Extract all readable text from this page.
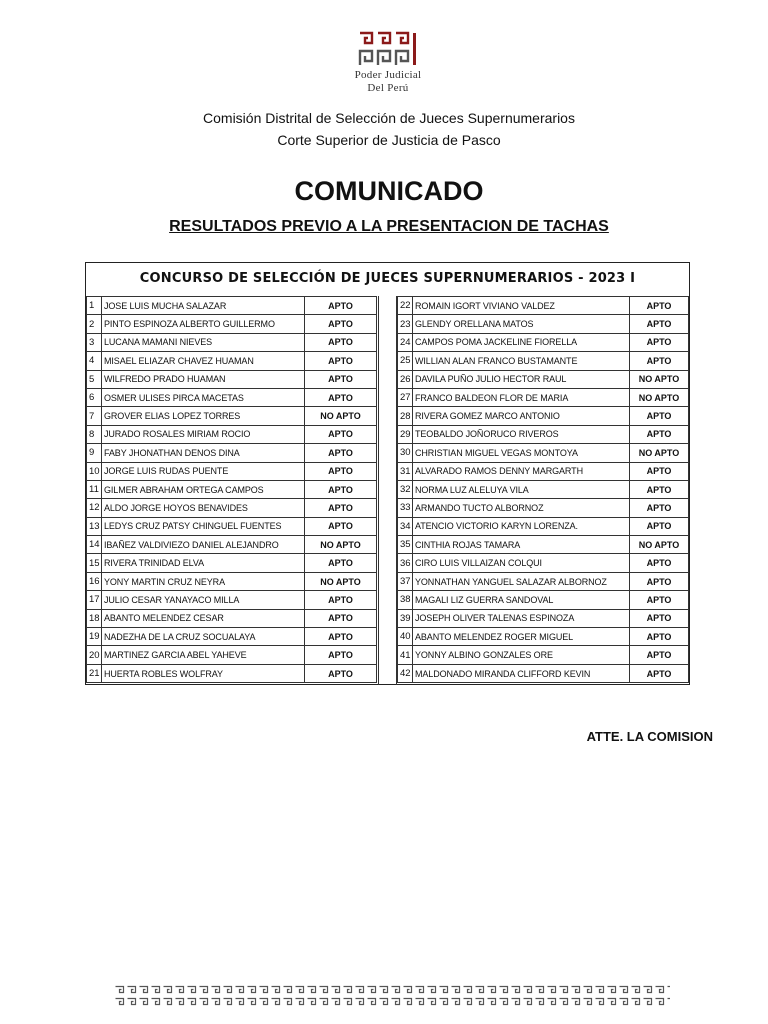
Poder Judicial
Del Perú
Comisión Distrital de Selección de Jueces Supernumerarios
Corte Superior de Justicia de Pasco
COMUNICADO
RESULTADOS PREVIO A LA PRESENTACION DE TACHAS
CONCURSO DE SELECCIÓN DE JUECES SUPERNUMERARIOS - 2023 I
1	JOSE LUIS MUCHA SALAZAR	APTO
2	PINTO ESPINOZA ALBERTO GUILLERMO	APTO
3	LUCANA MAMANI NIEVES	APTO
4	MISAEL ELIAZAR CHAVEZ HUAMAN	APTO
5	WILFREDO PRADO HUAMAN	APTO
6	OSMER ULISES PIRCA MACETAS	APTO
7	GROVER ELIAS LOPEZ TORRES	NO APTO
8	JURADO ROSALES MIRIAM ROCIO	APTO
9	FABY JHONATHAN DENOS DINA	APTO
10	JORGE LUIS RUDAS PUENTE	APTO
11	GILMER ABRAHAM ORTEGA CAMPOS	APTO
12	ALDO JORGE HOYOS BENAVIDES	APTO
13	LEDYS CRUZ PATSY CHINGUEL FUENTES	APTO
14	IBAÑEZ VALDIVIEZO DANIEL ALEJANDRO	NO APTO
15	RIVERA TRINIDAD ELVA	APTO
16	YONY MARTIN CRUZ NEYRA	NO APTO
17	JULIO CESAR YANAYACO MILLA	APTO
18	ABANTO MELENDEZ CESAR	APTO
19	NADEZHA DE LA CRUZ SOCUALAYA	APTO
20	MARTINEZ GARCIA ABEL YAHEVE	APTO
21	HUERTA ROBLES WOLFRAY	APTO
22	ROMAIN IGORT VIVIANO VALDEZ	APTO
23	GLENDY ORELLANA MATOS	APTO
24	CAMPOS POMA JACKELINE FIORELLA	APTO
25	WILLIAN ALAN FRANCO BUSTAMANTE	APTO
26	DAVILA PUÑO JULIO HECTOR RAUL	NO APTO
27	FRANCO BALDEON FLOR DE MARIA	NO APTO
28	RIVERA GOMEZ MARCO ANTONIO	APTO
29	TEOBALDO JOÑORUCO RIVEROS	APTO
30	CHRISTIAN MIGUEL VEGAS MONTOYA	NO APTO
31	ALVARADO RAMOS DENNY MARGARTH	APTO
32	NORMA LUZ ALELUYA VILA	APTO
33	ARMANDO TUCTO ALBORNOZ	APTO
34	ATENCIO VICTORIO KARYN LORENZA.	APTO
35	CINTHIA ROJAS TAMARA	NO APTO
36	CIRO LUIS VILLAIZAN COLQUI	APTO
37	YONNATHAN YANGUEL SALAZAR ALBORNOZ	APTO
38	MAGALI LIZ GUERRA SANDOVAL	APTO
39	JOSEPH OLIVER TALENAS ESPINOZA	APTO
40	ABANTO MELENDEZ ROGER MIGUEL	APTO
41	YONNY ALBINO GONZALES ORE	APTO
42	MALDONADO MIRANDA CLIFFORD KEVIN	APTO
ATTE. LA COMISION
